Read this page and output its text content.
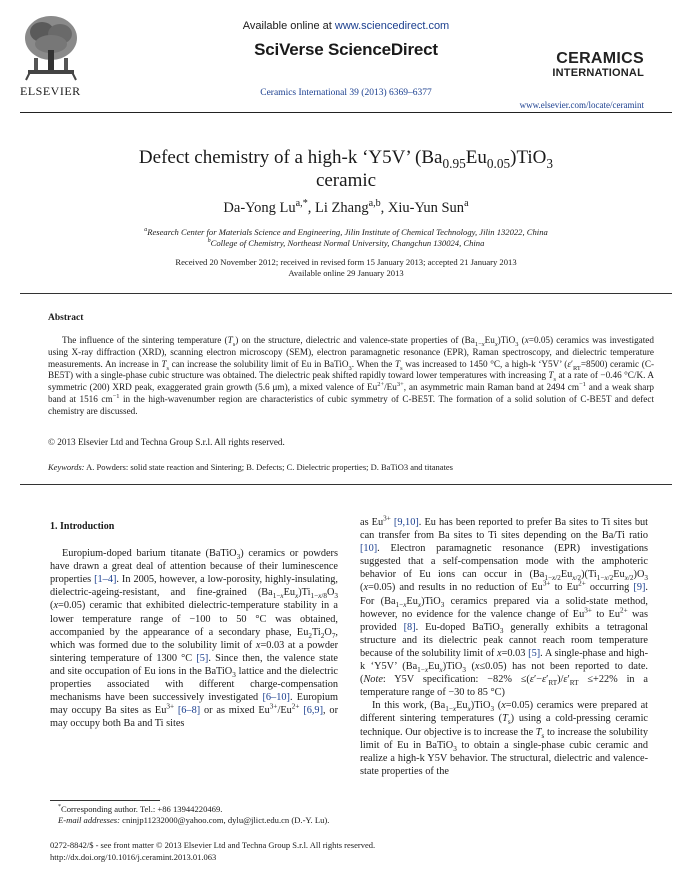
ELSEVIER
Available online at www.sciencedirect.com
SciVerse ScienceDirect
Ceramics International 39 (2013) 6369–6377
CERAMICS
INTERNATIONAL
www.elsevier.com/locate/ceramint
Defect chemistry of a high-k ‘Y5V’ $(Ba_{0.95}Eu_{0.05})TiO_3$
ceramic
Da-Yong $Lu^{a,*}$, Li Zhang$^{a,b}$, Xiu-Yun Sun$^a$
$^a$Research Center for Materials Science and Engineering, Jilin Institute of Chemical Technology, Jilin 132022, China
$^b$College of Chemistry, Northeast Normal University, Changchun 130024, China
Received 20 November 2012; received in revised form 15 January 2013; accepted 21 January 2013
Available online 29 January 2013
Abstract
The influence of the sintering temperature $(T_s)$ on the structure, dielectric and valence-state properties of $(Ba_{1-x}Eu_x)TiO_3$ (x=0.05) ceramics was investigated using X-ray diffraction (XRD), scanning electron microscopy (SEM), electron paramagnetic resonance (EPR), Raman spectroscopy, and dielectric temperature measurements. An increase in $T_s$ can increase the solubility limit of Eu in BaTiO$_3$. When the $T_s$ was increased to 1450 °C, a high-k ‘Y5V’ $(\varepsilon'_{RT}=8500)$ ceramic (C-BE5T) with a single-phase cubic structure was obtained. The dielectric peak shifted rapidly toward lower temperatures with increasing $T_s$ at a rate of −0.46 °C/K. A symmetric (200) XRD peak, exaggerated grain growth (5.6 μm), a mixed valence of $Eu^{2+}/Eu^{3+}$, an asymmetric main Raman band at 2494 $cm^{-1}$ and a weak sharp band at 1516 $cm^{-1}$ in the high-wavenumber region are characteristics of cubic symmetry of C-BE5T. The formation of a solid solution of C-BE5T and defect chemistry are discussed.
© 2013 Elsevier Ltd and Techna Group S.r.l. All rights reserved.
Keywords: A. Powders: solid state reaction and Sintering; B. Defects; C. Dielectric properties; D. BaTiO3 and titanates
1. Introduction

Europium-doped barium titanate (BaTiO$_3$) ceramics or powders have drawn a great deal of attention because of their luminescence properties [1–4]. In 2005, however, a low-porosity, highly-insulating, dielectric-ageing-resistant, and fine-grained $(Ba_{1-x}Eu_x)Ti_{1-x/8}O_3$ (x=0.05) ceramic that exhibited dielectric-temperature stability in a lower temperature range of −100 to 50 °C was obtained, accompanied by the appearance of a secondary phase, $Eu_2Ti_2O_7$, which was formed due to the solubility limit of x=0.03 at a powder sintering temperature of 1300 °C [5]. Since then, the valence state and site occupation of Eu ions in the BaTiO$_3$ lattice and the dielectric properties associated with different charge-compensation mechanisms have been successively investigated [6–10]. Europium may occupy Ba sites as $Eu^{3+}$ [6–8] or as mixed $Eu^{3+}/Eu^{2+}$ [6,9], or may occupy both Ba and Ti sites

*Corresponding author. Tel.: +86 13944220469.
E-mail addresses: cninjp11232000@yahoo.com, dylu@jlict.edu.cn (D.-Y. Lu).

as $Eu^{3+}$ [9,10]. Eu has been reported to prefer Ba sites to Ti sites but can transfer from Ba sites to Ti sites depending on the Ba/Ti ratio [10]. Electron paramagnetic resonance (EPR) investigations suggested that a self-compensation mode with the amphoteric behavior of Eu ions can occur in $(Ba_{1-x/2}Eu_{x/2})(Ti_{1-x/2}Eu_{x/2})O_3$ (x=0.05) and results in no reduction of $Eu^{3+}$ to $Eu^{2+}$ occurring [9]. For $(Ba_{1-x}Eu_x)TiO_3$ ceramics prepared via a solid-state method, however, no evidence for the valence change of $Eu^{3+}$ to $Eu^{2+}$ was provided [8]. Eu-doped BaTiO$_3$ generally exhibits a tetragonal structure and its dielectric peak cannot reach room temperature because of the solubility limit of x=0.03 [5]. A single-phase and high-k ‘Y5V’ $(Ba_{1-x}Eu_x)TiO_3$ (x≤0.05) has not been reported to date. (Note: Y5V specification: $-82\% \le(\varepsilon'-\varepsilon'_{RT})/\varepsilon'_{RT} \le+22\%$ in a temperature range of −30 to 85 °C)

In this work, $(Ba_{1-x}Eu_x)TiO_3$ (x=0.05) ceramics were prepared at different sintering temperatures $(T_s)$ using a cold-pressing ceramic technique. Our objective is to increase the $T_s$ to increase the solubility limit of Eu in BaTiO$_3$ to obtain a single-phase cubic ceramic and realize a high-k Y5V behavior. The structural, dielectric and valence-state properties of the

0272-8842/$ - see front matter © 2013 Elsevier Ltd and Techna Group S.r.l. All rights reserved.
http://dx.doi.org/10.1016/j.ceramint.2013.01.063
